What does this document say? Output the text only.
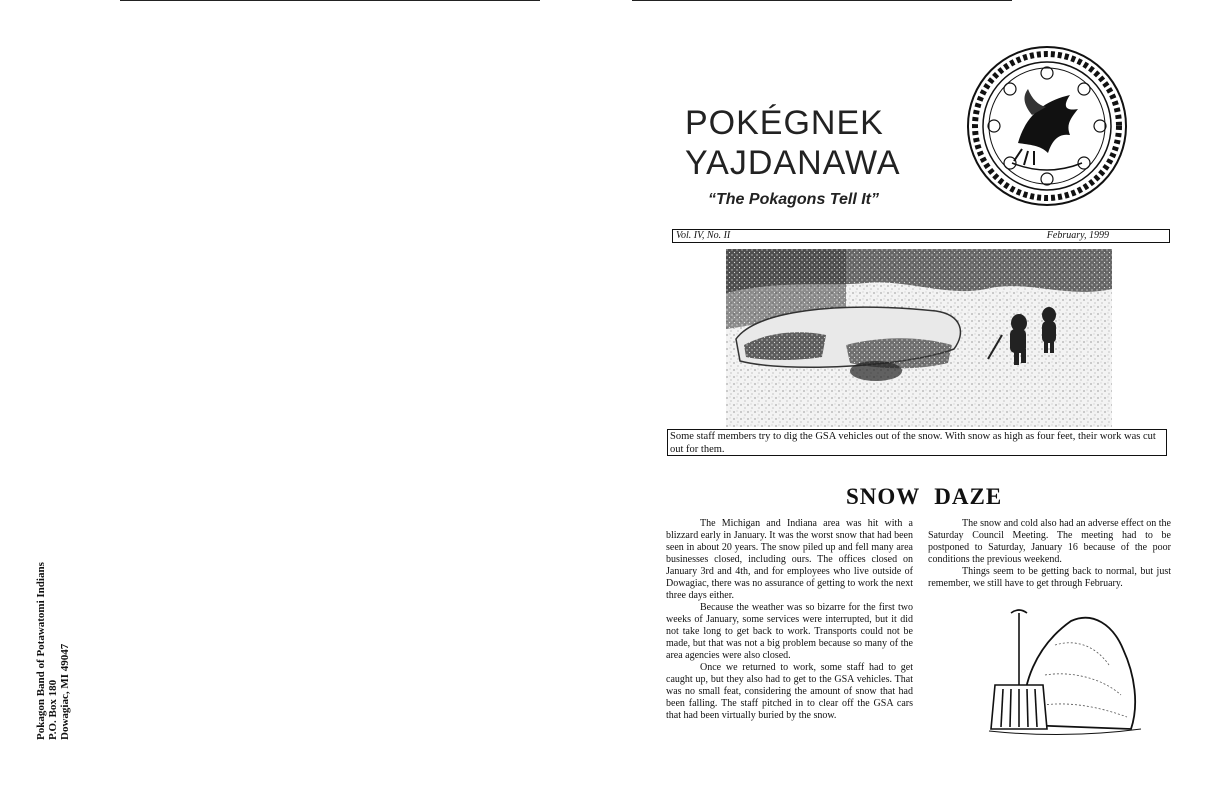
Pokagon Band of Potawatomi Indians P.O. Box 180 Dowagiac, MI 49047
POKÉGNEK
YAJDANAWA
“The Pokagons Tell It”
Vol. IV, No. II	February, 1999
Some staff members try to dig the GSA vehicles out of the snow. With snow as high as four feet, their work was cut out for them.
SNOW DAZE

The Michigan and Indiana area was hit with a blizzard early in January. It was the worst snow that had been seen in about 20 years. The snow piled up and fell many area businesses closed, including ours. The offices closed on January 3rd and 4th, and for employees who live outside of Dowagiac, there was no assurance of getting to work the next three days either.

Because the weather was so bizarre for the first two weeks of January, some services were interrupted, but it did not take long to get back to work. Transports could not be made, but that was not a big problem because so many of the area agencies were also closed.

Once we returned to work, some staff had to get caught up, but they also had to get to the GSA vehicles. That was no small feat, considering the amount of snow that had been falling. The staff pitched in to clear off the GSA cars that had been virtually buried by the snow.

The snow and cold also had an adverse effect on the Saturday Council Meeting. The meeting had to be postponed to Saturday, January 16 because of the poor conditions the previous weekend.

Things seem to be getting back to normal, but just remember, we still have to get through February.
